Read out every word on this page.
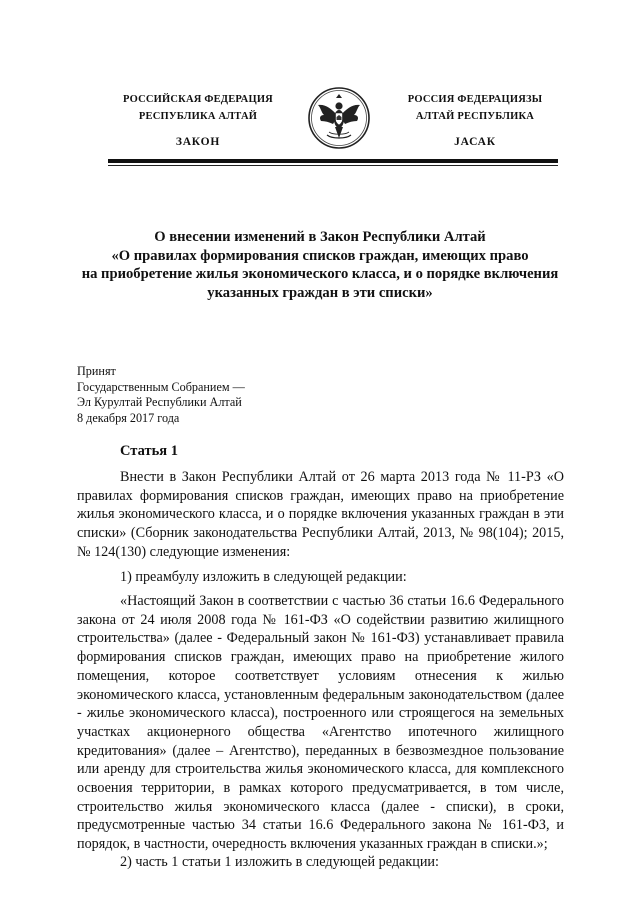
РОССИЙСКАЯ ФЕДЕРАЦИЯ
РЕСПУБЛИКА АЛТАЙ
ЗАКОН
РОССИЯ ФЕДЕРАЦИЯЗЫ
АЛТАЙ РЕСПУБЛИКА
ЈАСАК
О внесении изменений в Закон Республики Алтай
«О правилах формирования списков граждан, имеющих право
на приобретение жилья экономического класса, и о порядке включения
указанных граждан в эти списки»
Принят
Государственным Собранием —
Эл Курултай Республики Алтай
8 декабря 2017 года
Статья 1
Внести в Закон Республики Алтай от 26 марта 2013 года № 11-РЗ «О правилах формирования списков граждан, имеющих право на приобретение жилья экономического класса, и о порядке включения указанных граждан в эти списки» (Сборник законодательства Республики Алтай, 2013, № 98(104); 2015, № 124(130) следующие изменения:
1) преамбулу изложить в следующей редакции:
«Настоящий Закон в соответствии с частью 36 статьи 16.6 Федерального закона от 24 июля 2008 года № 161-ФЗ «О содействии развитию жилищного строительства» (далее - Федеральный закон № 161-ФЗ) устанавливает правила формирования списков граждан, имеющих право на приобретение жилого помещения, которое соответствует условиям отнесения к жилью экономического класса, установленным федеральным законодательством (далее - жилье экономического класса), построенного или строящегося на земельных участках акционерного общества «Агентство ипотечного жилищного кредитования» (далее – Агентство), переданных в безвозмездное пользование или аренду для строительства жилья экономического класса, для комплексного освоения территории, в рамках которого предусматривается, в том числе, строительство жилья экономического класса (далее - списки), в сроки, предусмотренные частью 34 статьи 16.6 Федерального закона № 161-ФЗ, и порядок, в частности, очередность включения указанных граждан в списки.»;
2) часть 1 статьи 1 изложить в следующей редакции:
